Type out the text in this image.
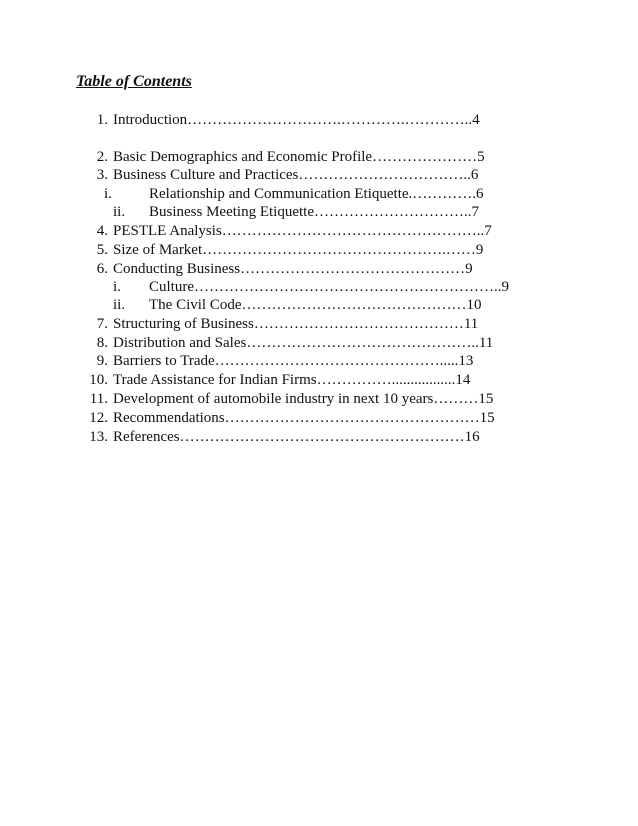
Table of Contents
1. Introduction………………………….………….…………..4
2. Basic Demographics and Economic Profile…………………5
3. Business Culture and Practices……………………………..6
i.	Relationship and Communication Etiquette.………….6
ii.	Business Meeting Etiquette…………………………..7
4. PESTLE Analysis……………………………………………..7
5. Size of Market………………………………………….……9
6. Conducting Business………………………………………9
i.	Culture……………………………………………………..9
ii.	The Civil Code………………………………………10
7. Structuring of Business……………………………………11
8. Distribution and Sales………………………………………..11
9. Barriers to Trade……………………………………….....13
10. Trade Assistance for Indian Firms…………….................14
11. Development of automobile industry in next 10 years………15
12. Recommendations……………………………………………15
13. References…………………………………………………16
